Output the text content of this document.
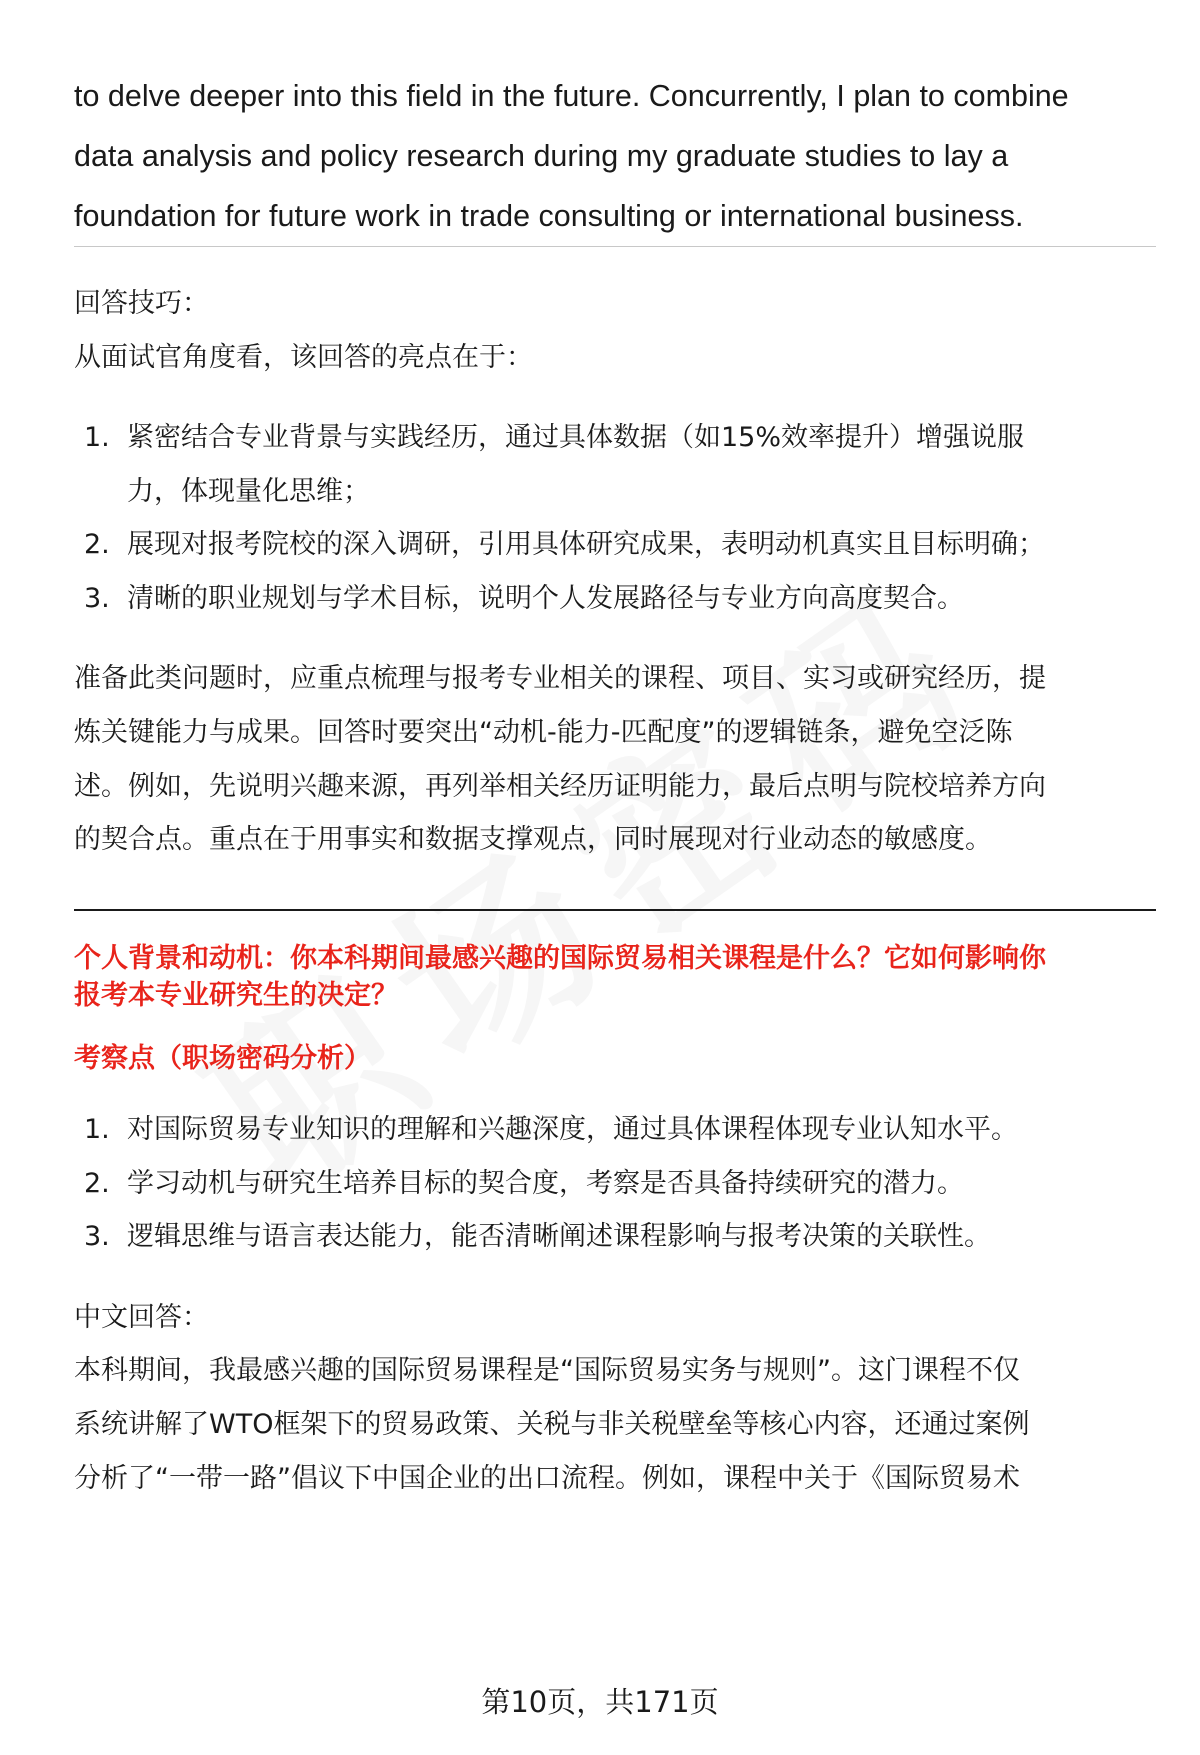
to delve deeper into this field in the future. Concurrently, I plan to combine
data analysis and policy research during my graduate studies to lay a
foundation for future work in trade consulting or international business.

回答技巧：
从面试官角度看，该回答的亮点在于：
1. 紧密结合专业背景与实践经历，通过具体数据（如15%效率提升）增强说服
力，体现量化思维；
2. 展现对报考院校的深入调研，引用具体研究成果，表明动机真实且目标明确；
3. 清晰的职业规划与学术目标，说明个人发展路径与专业方向高度契合。
准备此类问题时，应重点梳理与报考专业相关的课程、项目、实习或研究经历，提
炼关键能力与成果。回答时要突出“动机-能力-匹配度”的逻辑链条，避免空泛陈
述。例如，先说明兴趣来源，再列举相关经历证明能力，最后点明与院校培养方向
的契合点。重点在于用事实和数据支撑观点，同时展现对行业动态的敏感度。
个人背景和动机：你本科期间最感兴趣的国际贸易相关课程是什么？它如何影响你
报考本专业研究生的决定？
考察点（职场密码分析）
1. 对国际贸易专业知识的理解和兴趣深度，通过具体课程体现专业认知水平。
2. 学习动机与研究生培养目标的契合度，考察是否具备持续研究的潜力。
3. 逻辑思维与语言表达能力，能否清晰阐述课程影响与报考决策的关联性。
中文回答：
本科期间，我最感兴趣的国际贸易课程是“国际贸易实务与规则”。这门课程不仅
系统讲解了WTO框架下的贸易政策、关税与非关税壁垒等核心内容，还通过案例
分析了“一带一路”倡议下中国企业的出口流程。例如，课程中关于《国际贸易术
第10页，共171页
